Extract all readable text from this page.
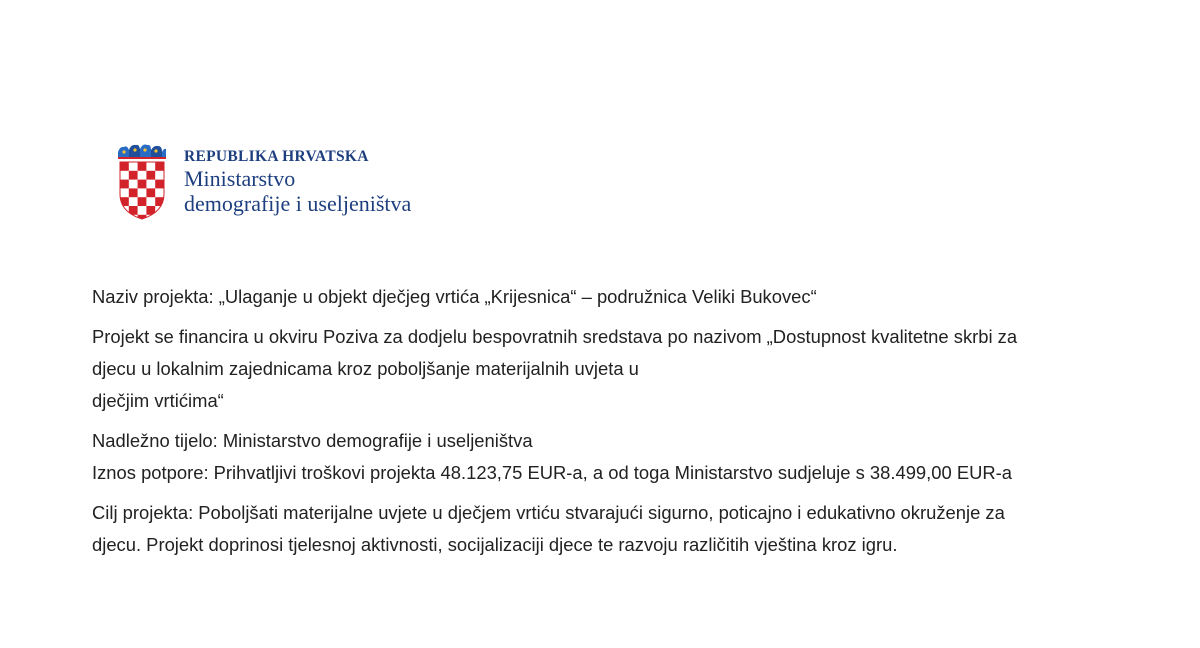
REPUBLIKA HRVATSKA
Ministarstvo
demografije i useljeništva

Naziv projekta: „Ulaganje u objekt dječjeg vrtića „Krijesnica“ – podružnica Veliki Bukovec“

Projekt se financira u okviru Poziva za dodjelu bespovratnih sredstava po nazivom „Dostupnost kvalitetne skrbi za

djecu u lokalnim zajednicama kroz poboljšanje materijalnih uvjeta u

dječjim vrtićima“

Nadležno tijelo: Ministarstvo demografije i useljeništva

Iznos potpore: Prihvatljivi troškovi projekta 48.123,75 EUR-a, a od toga Ministarstvo sudjeluje s 38.499,00 EUR-a

Cilj projekta: Poboljšati materijalne uvjete u dječjem vrtiću stvarajući sigurno, poticajno i edukativno okruženje za

djecu. Projekt doprinosi tjelesnoj aktivnosti, socijalizaciji djece te razvoju različitih vještina kroz igru.
